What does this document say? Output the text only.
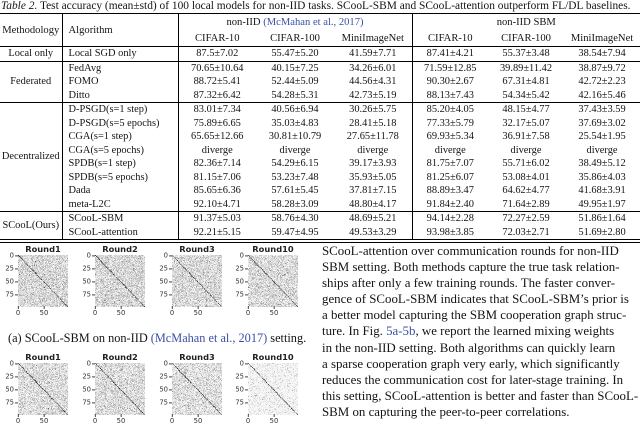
Table 2. Test accuracy (mean±std) of 100 local models for non-IID tasks. SCooL-SBM and SCooL-attention outperform FL/DL baselines.
Methodology	Algorithm	non-IID (McMahan et al., 2017)			non-IID SBM		
		CIFAR-10	CIFAR-100	MiniImageNet	CIFAR-10	CIFAR-100	MiniImageNet
Local only	Local SGD only	87.5±7.02	55.47±5.20	41.59±7.71	87.41±4.21	55.37±3.48	38.54±7.94
Federated	FedAvg	70.65±10.64	40.15±7.25	34.26±6.01	71.59±12.85	39.89±11.42	38.87±9.72
	FOMO	88.72±5.41	52.44±5.09	44.56±4.31	90.30±2.67	67.31±4.81	42.72±2.23
	Ditto	87.32±6.42	54.28±5.31	42.73±5.19	88.13±7.43	54.34±5.42	42.16±5.46
Decentralized	D-PSGD(s=1 step)	83.01±7.34	40.56±6.94	30.26±5.75	85.20±4.05	48.15±4.77	37.43±3.59
	D-PSGD(s=5 epochs)	75.89±6.65	35.03±4.83	28.41±5.18	77.33±5.79	32.17±5.07	37.69±3.02
	CGA(s=1 step)	65.65±12.66	30.81±10.79	27.65±11.78	69.93±5.34	36.91±7.58	25.54±1.95
	CGA(s=5 epochs)	diverge	diverge	diverge	diverge	diverge	diverge
	SPDB(s=1 step)	82.36±7.14	54.29±6.15	39.17±3.93	81.75±7.07	55.71±6.02	38.49±5.12
	SPDB(s=5 epochs)	81.15±7.06	53.23±7.48	35.93±5.05	81.25±6.07	53.08±4.01	35.86±4.03
	Dada	85.65±6.36	57.61±5.45	37.81±7.15	88.89±3.47	64.62±4.77	41.68±3.91
	meta-L2C	92.10±4.71	58.28±3.09	48.80±4.17	91.84±2.40	71.64±2.89	49.95±1.97
SCooL(Ours)	SCooL-SBM	91.37±5.03	58.76±4.30	48.69±5.21	94.14±2.28	72.27±2.59	51.86±1.64
	SCooL-attention	92.21±5.15	59.47±4.95	49.53±3.29	93.98±3.85	72.03±2.71	51.69±2.80
Round1
0
25
50
75
0	50
Round2
0
25
50
75
0	50
Round3
0
25
50
75
0	50
Round10
0
25
50
75
0	50
(a) SCooL-SBM on non-IID (McMahan et al., 2017) setting.
Round1
0
25
50
75
0	50
Round2
0
25
50
75
0	50
Round3
0
25
50
75
0	50
Round10
0
25
50
75
0	50
SCooL-attention over communication rounds for non-IID
SBM setting. Both methods capture the true task relation-
ships after only a few training rounds. The faster conver-
gence of SCooL-SBM indicates that SCooL-SBM’s prior is
a better model capturing the SBM cooperation graph struc-
ture. In Fig. 5a-5b, we report the learned mixing weights
in the non-IID setting. Both algorithms can quickly learn
a sparse cooperation graph very early, which significantly
reduces the communication cost for later-stage training. In
this setting, SCooL-attention is better and faster than SCooL-
SBM on capturing the peer-to-peer correlations.
